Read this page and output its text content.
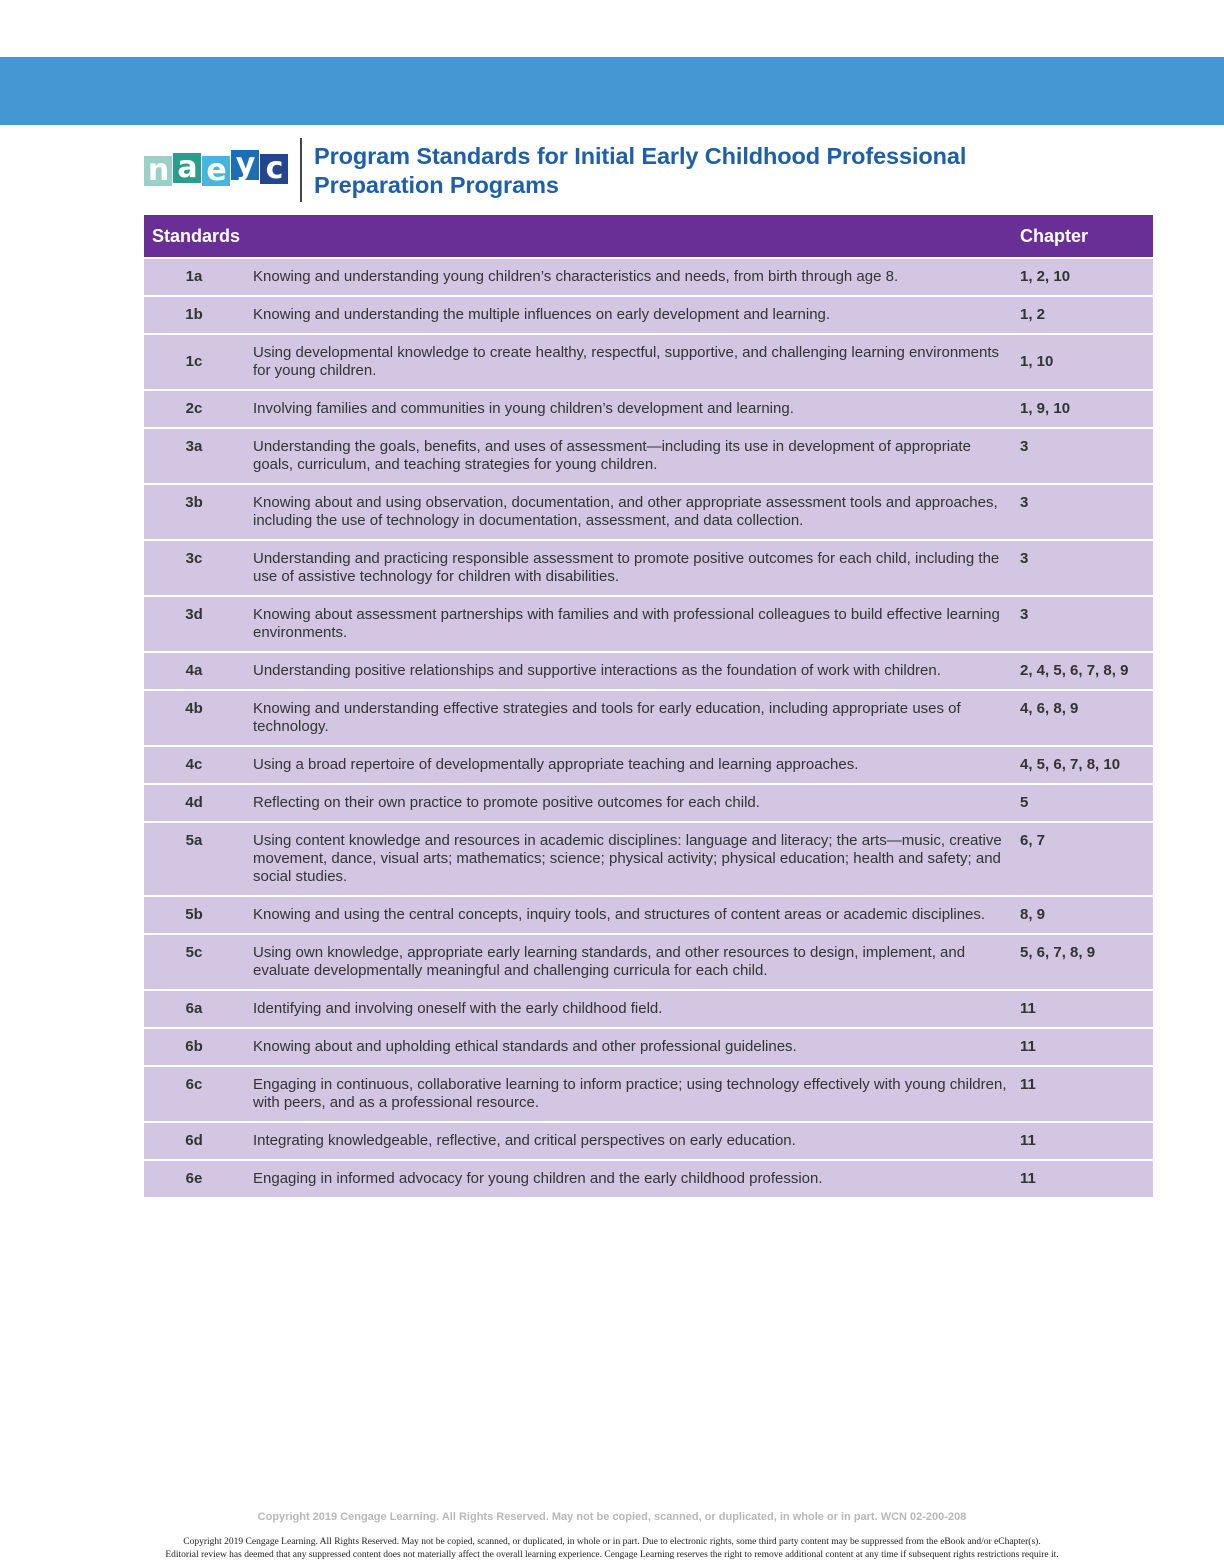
n a e y c Program Standards for Initial Early Childhood Professional
Preparation Programs
Standards		Chapter
1a	Knowing and understanding young children’s characteristics and needs, from birth through age 8.	1, 2, 10
1b	Knowing and understanding the multiple influences on early development and learning.	1, 2
1c	Using developmental knowledge to create healthy, respectful, supportive, and challenging learning environments for young children.	1, 10
2c	Involving families and communities in young children’s development and learning.	1, 9, 10
3a	Understanding the goals, benefits, and uses of assessment—including its use in development of appropriate goals, curriculum, and teaching strategies for young children.	3
3b	Knowing about and using observation, documentation, and other appropriate assessment tools and approaches, including the use of technology in documentation, assessment, and data collection.	3
3c	Understanding and practicing responsible assessment to promote positive outcomes for each child, including the use of assistive technology for children with disabilities.	3
3d	Knowing about assessment partnerships with families and with professional colleagues to build effective learning environments.	3
4a	Understanding positive relationships and supportive interactions as the foundation of work with children.	2, 4, 5, 6, 7, 8, 9
4b	Knowing and understanding effective strategies and tools for early education, including appropriate uses of technology.	4, 6, 8, 9
4c	Using a broad repertoire of developmentally appropriate teaching and learning approaches.	4, 5, 6, 7, 8, 10
4d	Reflecting on their own practice to promote positive outcomes for each child.	5
5a	Using content knowledge and resources in academic disciplines: language and literacy; the arts—music, creative movement, dance, visual arts; mathematics; science; physical activity; physical education; health and safety; and social studies.	6, 7
5b	Knowing and using the central concepts, inquiry tools, and structures of content areas or academic disciplines.	8, 9
5c	Using own knowledge, appropriate early learning standards, and other resources to design, implement, and evaluate developmentally meaningful and challenging curricula for each child.	5, 6, 7, 8, 9
6a	Identifying and involving oneself with the early childhood field.	11
6b	Knowing about and upholding ethical standards and other professional guidelines.	11
6c	Engaging in continuous, collaborative learning to inform practice; using technology effectively with young children, with peers, and as a professional resource.	11
6d	Integrating knowledgeable, reflective, and critical perspectives on early education.	11
6e	Engaging in informed advocacy for young children and the early childhood profession.	11
Copyright 2019 Cengage Learning. All Rights Reserved. May not be copied, scanned, or duplicated, in whole or in part. WCN 02-200-208
Copyright 2019 Cengage Learning. All Rights Reserved. May not be copied, scanned, or duplicated, in whole or in part. Due to electronic rights, some third party content may be suppressed from the eBook and/or eChapter(s).
Editorial review has deemed that any suppressed content does not materially affect the overall learning experience. Cengage Learning reserves the right to remove additional content at any time if subsequent rights restrictions require it.
